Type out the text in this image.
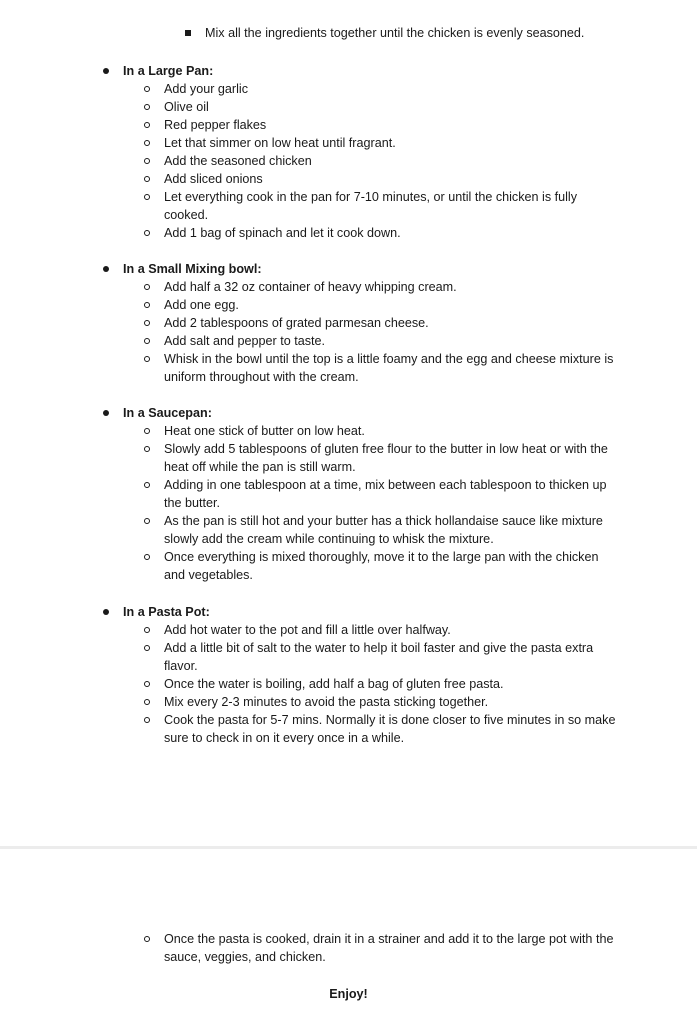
Mix all the ingredients together until the chicken is evenly seasoned.
In a Large Pan:
Add your garlic
Olive oil
Red pepper flakes
Let that simmer on low heat until fragrant.
Add the seasoned chicken
Add sliced onions
Let everything cook in the pan for 7-10 minutes, or until the chicken is fully cooked.
Add 1 bag of spinach and let it cook down.
In a Small Mixing bowl:
Add half a 32 oz container of heavy whipping cream.
Add one egg.
Add 2 tablespoons of grated parmesan cheese.
Add salt and pepper to taste.
Whisk in the bowl until the top is a little foamy and the egg and cheese mixture is uniform throughout with the cream.
In a Saucepan:
Heat one stick of butter on low heat.
Slowly add 5 tablespoons of gluten free flour to the butter in low heat or with the heat off while the pan is still warm.
Adding in one tablespoon at a time, mix between each tablespoon to thicken up the butter.
As the pan is still hot and your butter has a thick hollandaise sauce like mixture slowly add the cream while continuing to whisk the mixture.
Once everything is mixed thoroughly, move it to the large pan with the chicken and vegetables.
In a Pasta Pot:
Add hot water to the pot and fill a little over halfway.
Add a little bit of salt to the water to help it boil faster and give the pasta extra flavor.
Once the water is boiling, add half a bag of gluten free pasta.
Mix every 2-3 minutes to avoid the pasta sticking together.
Cook the pasta for 5-7 mins. Normally it is done closer to five minutes in so make sure to check in on it every once in a while.
Once the pasta is cooked, drain it in a strainer and add it to the large pot with the sauce, veggies, and chicken.
Enjoy!
